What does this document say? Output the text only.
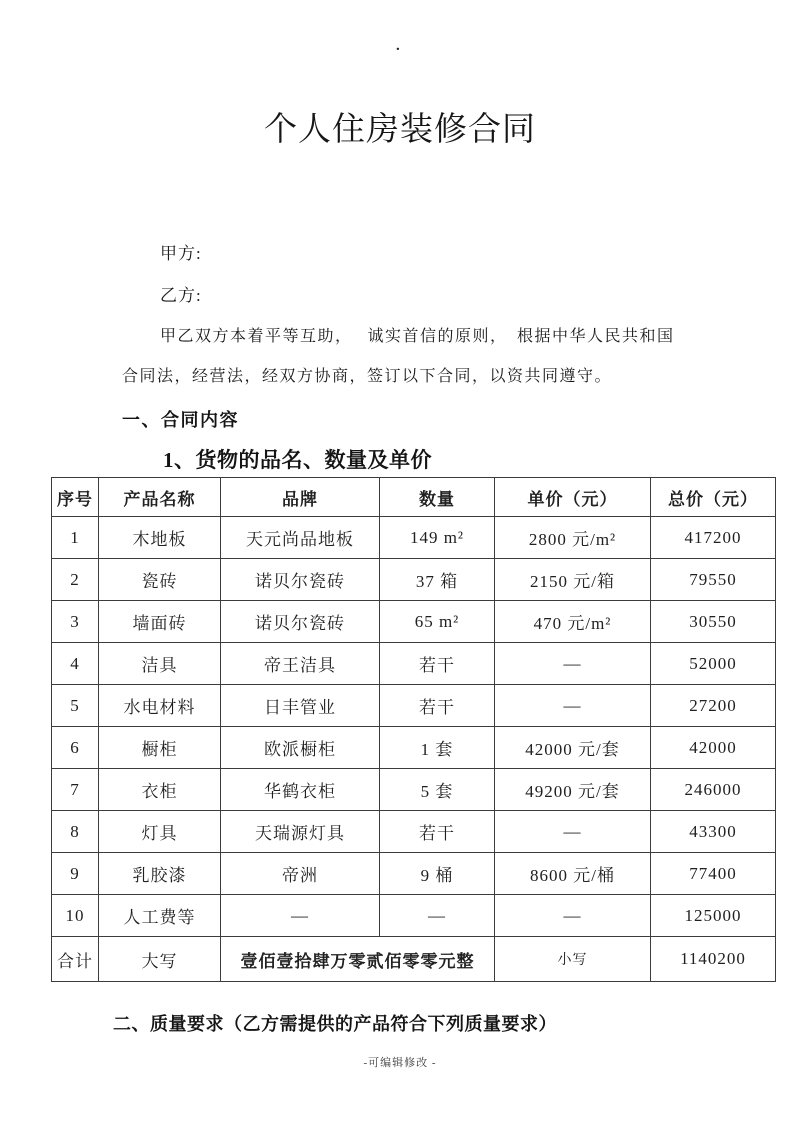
.
个人住房装修合同
甲方:
乙方:
甲乙双方本着平等互助，　 诚实首信的原则，　根据中华人民共和国
合同法，经营法，经双方协商，签订以下合同，以资共同遵守。
一、合同内容
1、货物的品名、数量及单价
序号	产品名称	品牌	数量	单价（元）	总价（元）
1	木地板	天元尚品地板	149 m²	2800 元/m²	417200
2	瓷砖	诺贝尔瓷砖	37 箱	2150 元/箱	79550
3	墙面砖	诺贝尔瓷砖	65 m²	470 元/m²	30550
4	洁具	帝王洁具	若干	—	52000
5	水电材料	日丰管业	若干	—	27200
6	橱柜	欧派橱柜	1 套	42000 元/套	42000
7	衣柜	华鹤衣柜	5 套	49200 元/套	246000
8	灯具	天瑞源灯具	若干	—	43300
9	乳胶漆	帝洲	9 桶	8600 元/桶	77400
10	人工费等	—	—	—	125000
合计	大写	壹佰壹拾肆万零贰佰零零元整		小写	1140200
二、质量要求（乙方需提供的产品符合下列质量要求）
-可编辑修改 -
